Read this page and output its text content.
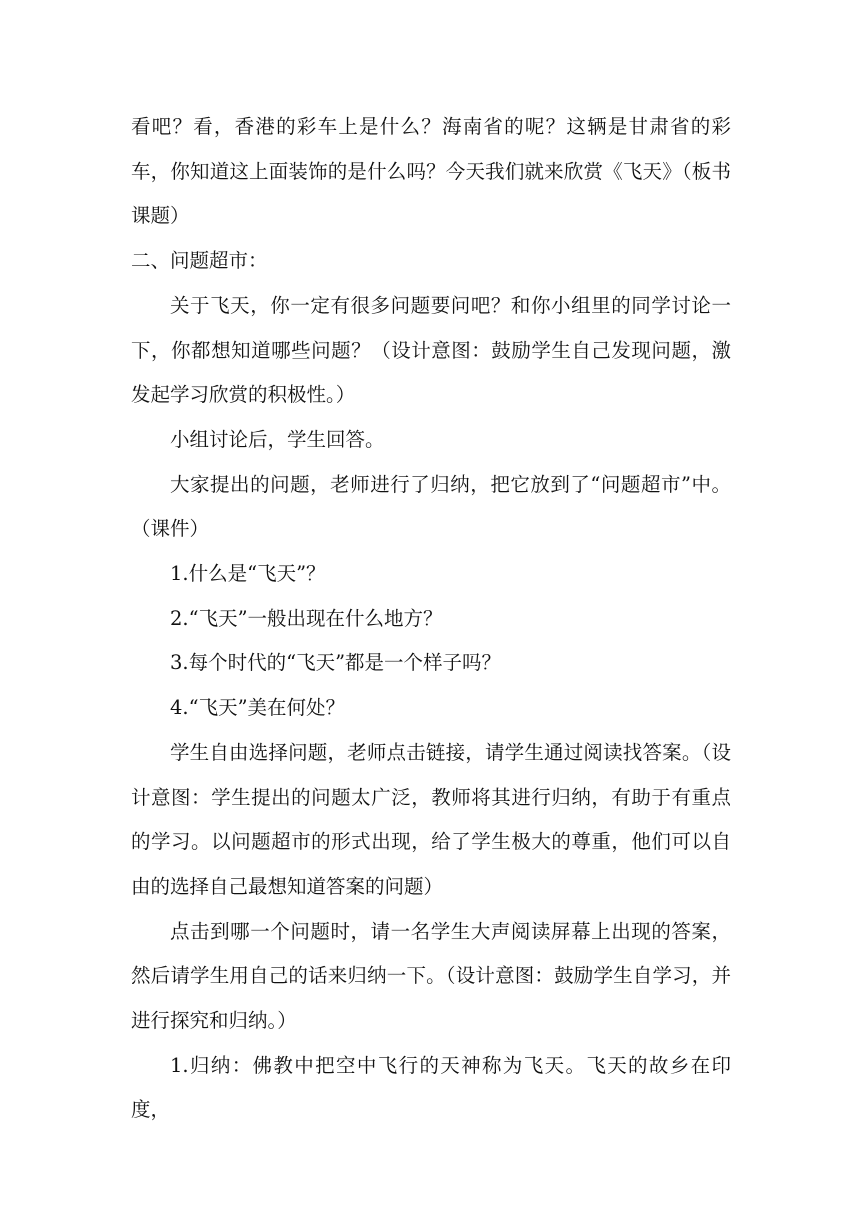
看吧？看，香港的彩车上是什么？海南省的呢？这辆是甘肃省的彩车，你知道这上面装饰的是什么吗？今天我们就来欣赏《飞天》（板书课题）

二、问题超市：

关于飞天，你一定有很多问题要问吧？和你小组里的同学讨论一下，你都想知道哪些问题？（设计意图：鼓励学生自己发现问题，激发起学习欣赏的积极性。）

小组讨论后，学生回答。

大家提出的问题，老师进行了归纳，把它放到了“问题超市”中。（课件）

1.什么是“飞天”？

2.“飞天”一般出现在什么地方？

3.每个时代的“飞天”都是一个样子吗？

4.“飞天”美在何处？

学生自由选择问题，老师点击链接，请学生通过阅读找答案。（设计意图：学生提出的问题太广泛，教师将其进行归纳，有助于有重点的学习。以问题超市的形式出现，给了学生极大的尊重，他们可以自由的选择自己最想知道答案的问题）

点击到哪一个问题时，请一名学生大声阅读屏幕上出现的答案，然后请学生用自己的话来归纳一下。（设计意图：鼓励学生自学习，并进行探究和归纳。）

1.归纳：佛教中把空中飞行的天神称为飞天。飞天的故乡在印度，
